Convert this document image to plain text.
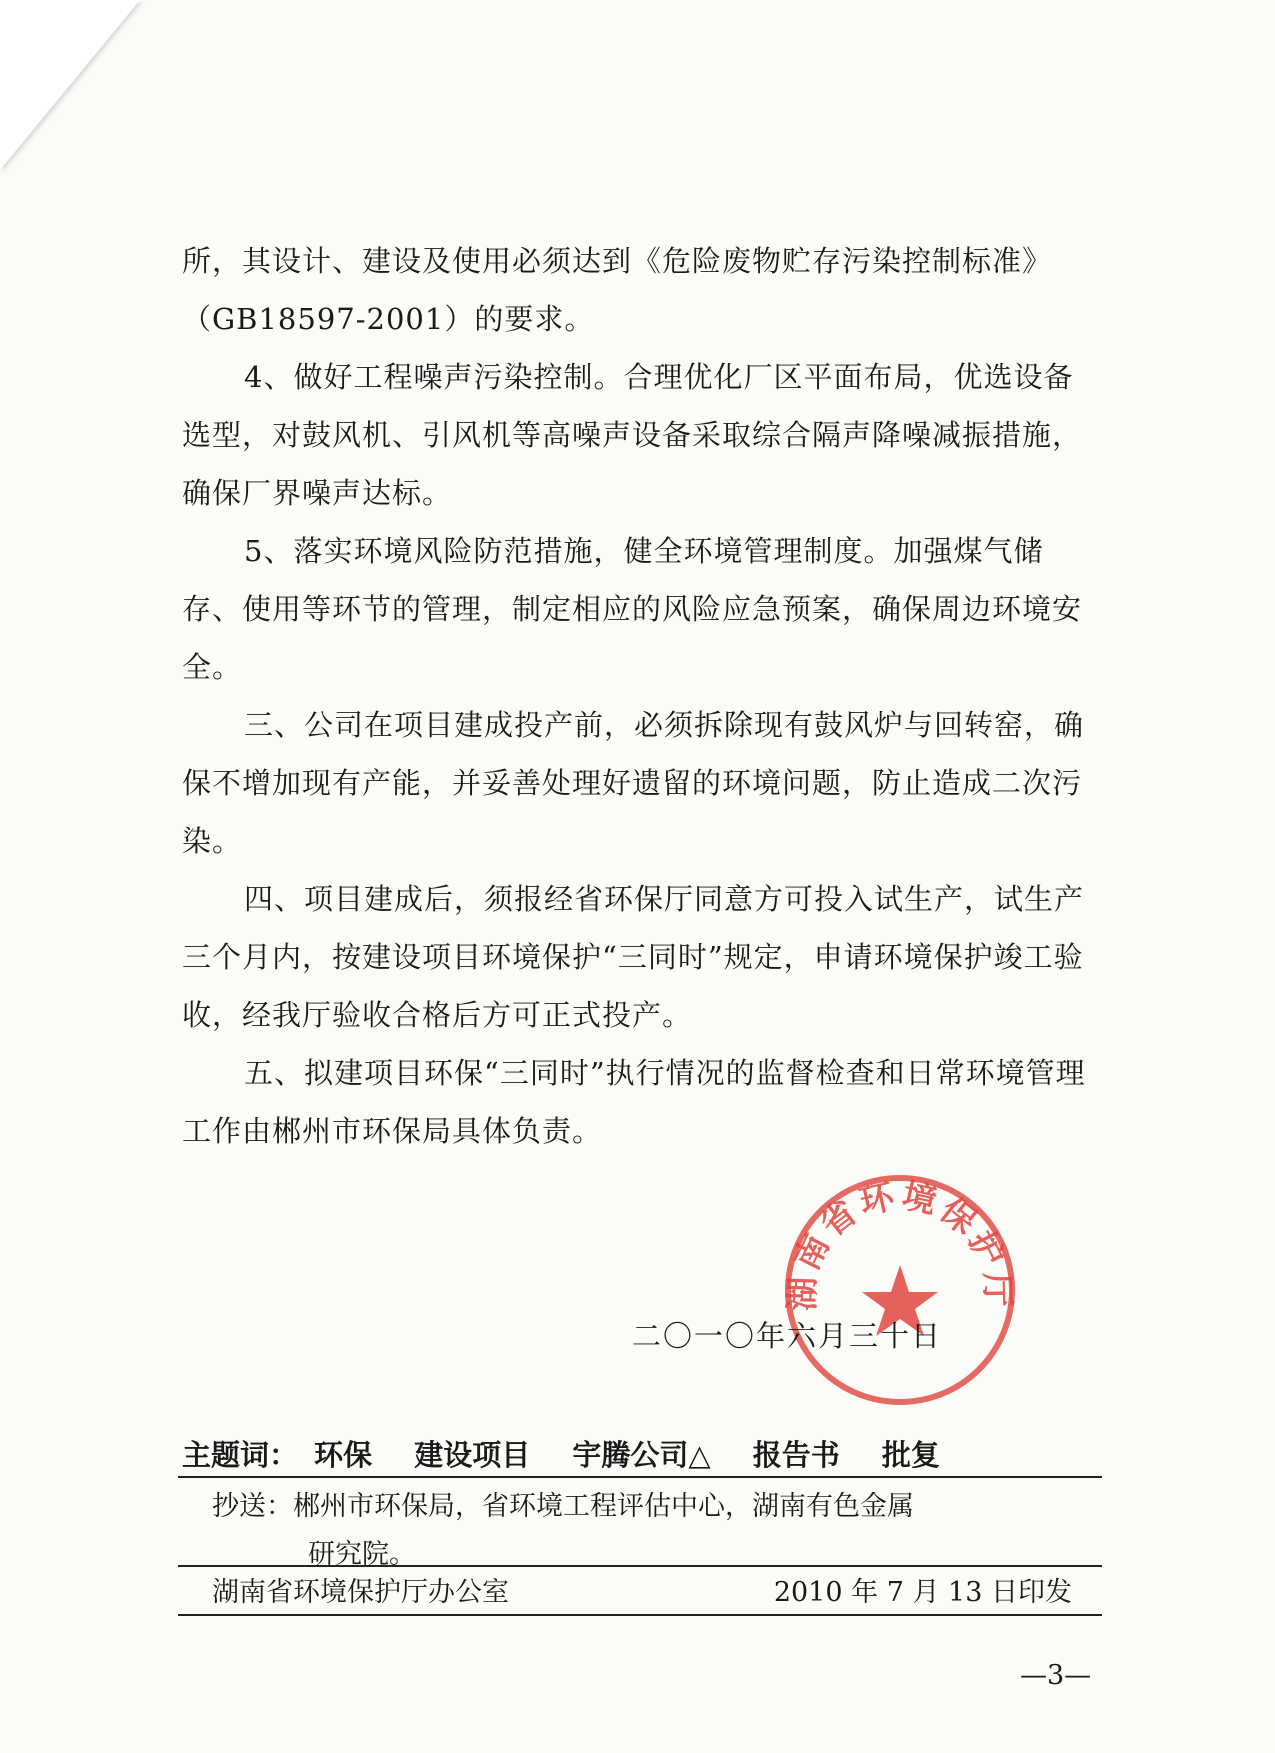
所，其设计、建设及使用必须达到《危险废物贮存污染控制标准》（GB18597-2001）的要求。

4、做好工程噪声污染控制。合理优化厂区平面布局，优选设备选型，对鼓风机、引风机等高噪声设备采取综合隔声降噪减振措施，确保厂界噪声达标。

5、落实环境风险防范措施，健全环境管理制度。加强煤气储存、使用等环节的管理，制定相应的风险应急预案，确保周边环境安全。

三、公司在项目建成投产前，必须拆除现有鼓风炉与回转窑，确保不增加现有产能，并妥善处理好遗留的环境问题，防止造成二次污染。

四、项目建成后，须报经省环保厅同意方可投入试生产，试生产三个月内，按建设项目环境保护“三同时”规定，申请环境保护竣工验收，经我厅验收合格后方可正式投产。

五、拟建项目环保“三同时”执行情况的监督检查和日常环境管理工作由郴州市环保局具体负责。

湖南省环境保护厅
二〇一〇年六月三十日
主题词： 环保 建设项目 宇腾公司△ 报告书 批复
抄送：郴州市环保局，省环境工程评估中心，湖南有色金属
研究院。
湖南省环境保护厅办公室	2010 年 7 月 13 日印发
—3—
